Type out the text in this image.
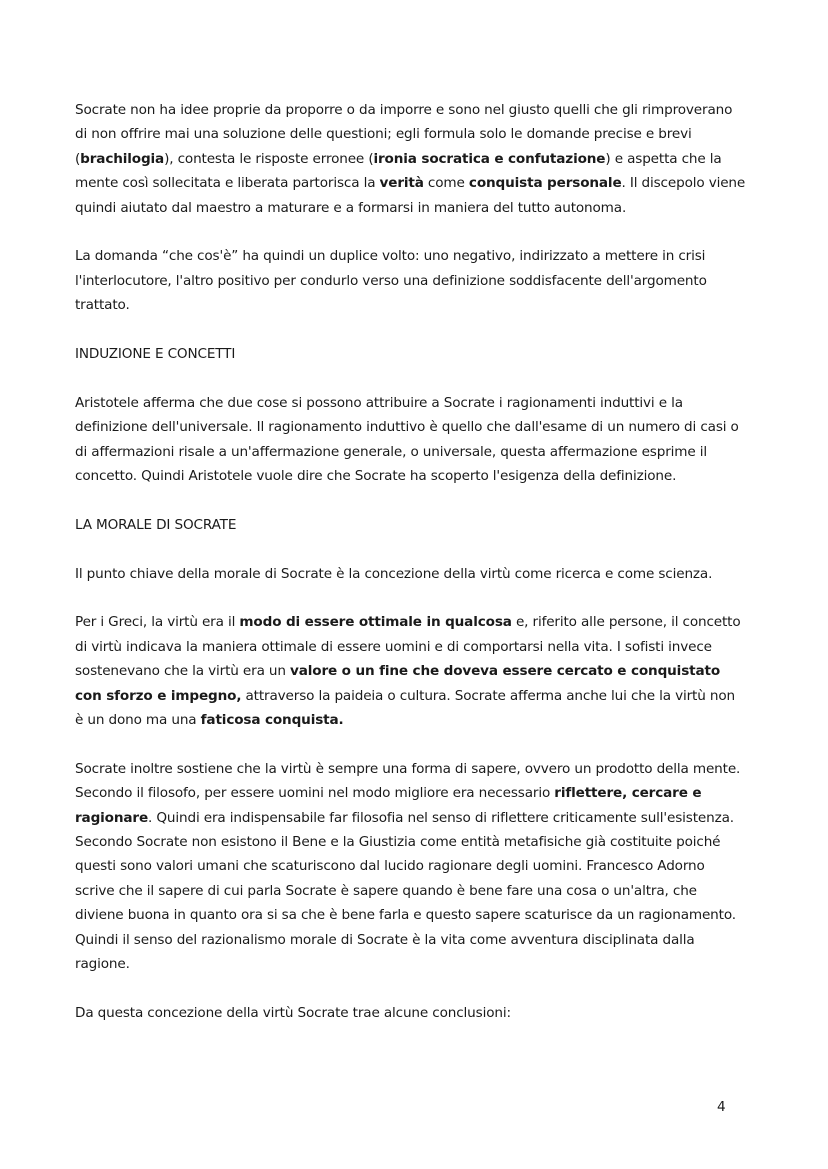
Socrate non ha idee proprie da proporre o da imporre e sono nel giusto quelli che gli rimproverano di non offrire mai una soluzione delle questioni; egli formula solo le domande precise e brevi (brachilogia), contesta le risposte erronee (ironia socratica e confutazione) e aspetta che la mente così sollecitata e liberata partorisca la verità come conquista personale. Il discepolo viene quindi aiutato dal maestro a maturare e a formarsi in maniera del tutto autonoma.

La domanda “che cos'è” ha quindi un duplice volto: uno negativo, indirizzato a mettere in crisi l'interlocutore, l'altro positivo per condurlo verso una definizione soddisfacente dell'argomento trattato.

INDUZIONE E CONCETTI

Aristotele afferma che due cose si possono attribuire a Socrate i ragionamenti induttivi e la definizione dell'universale. Il ragionamento induttivo è quello che dall'esame di un numero di casi o di affermazioni risale a un'affermazione generale, o universale, questa affermazione esprime il concetto. Quindi Aristotele vuole dire che Socrate ha scoperto l'esigenza della definizione.

LA MORALE DI SOCRATE

Il punto chiave della morale di Socrate è la concezione della virtù come ricerca e come scienza.

Per i Greci, la virtù era il modo di essere ottimale in qualcosa e, riferito alle persone, il concetto di virtù indicava la maniera ottimale di essere uomini e di comportarsi nella vita. I sofisti invece sostenevano che la virtù era un valore o un fine che doveva essere cercato e conquistato con sforzo e impegno, attraverso la paideia o cultura. Socrate afferma anche lui che la virtù non è un dono ma una faticosa conquista.

Socrate inoltre sostiene che la virtù è sempre una forma di sapere, ovvero un prodotto della mente. Secondo il filosofo, per essere uomini nel modo migliore era necessario riflettere, cercare e ragionare. Quindi era indispensabile far filosofia nel senso di riflettere criticamente sull'esistenza. Secondo Socrate non esistono il Bene e la Giustizia come entità metafisiche già costituite poiché questi sono valori umani che scaturiscono dal lucido ragionare degli uomini. Francesco Adorno scrive che il sapere di cui parla Socrate è sapere quando è bene fare una cosa o un'altra, che diviene buona in quanto ora si sa che è bene farla e questo sapere scaturisce da un ragionamento. Quindi il senso del razionalismo morale di Socrate è la vita come avventura disciplinata dalla ragione.

Da questa concezione della virtù Socrate trae alcune conclusioni:

4
